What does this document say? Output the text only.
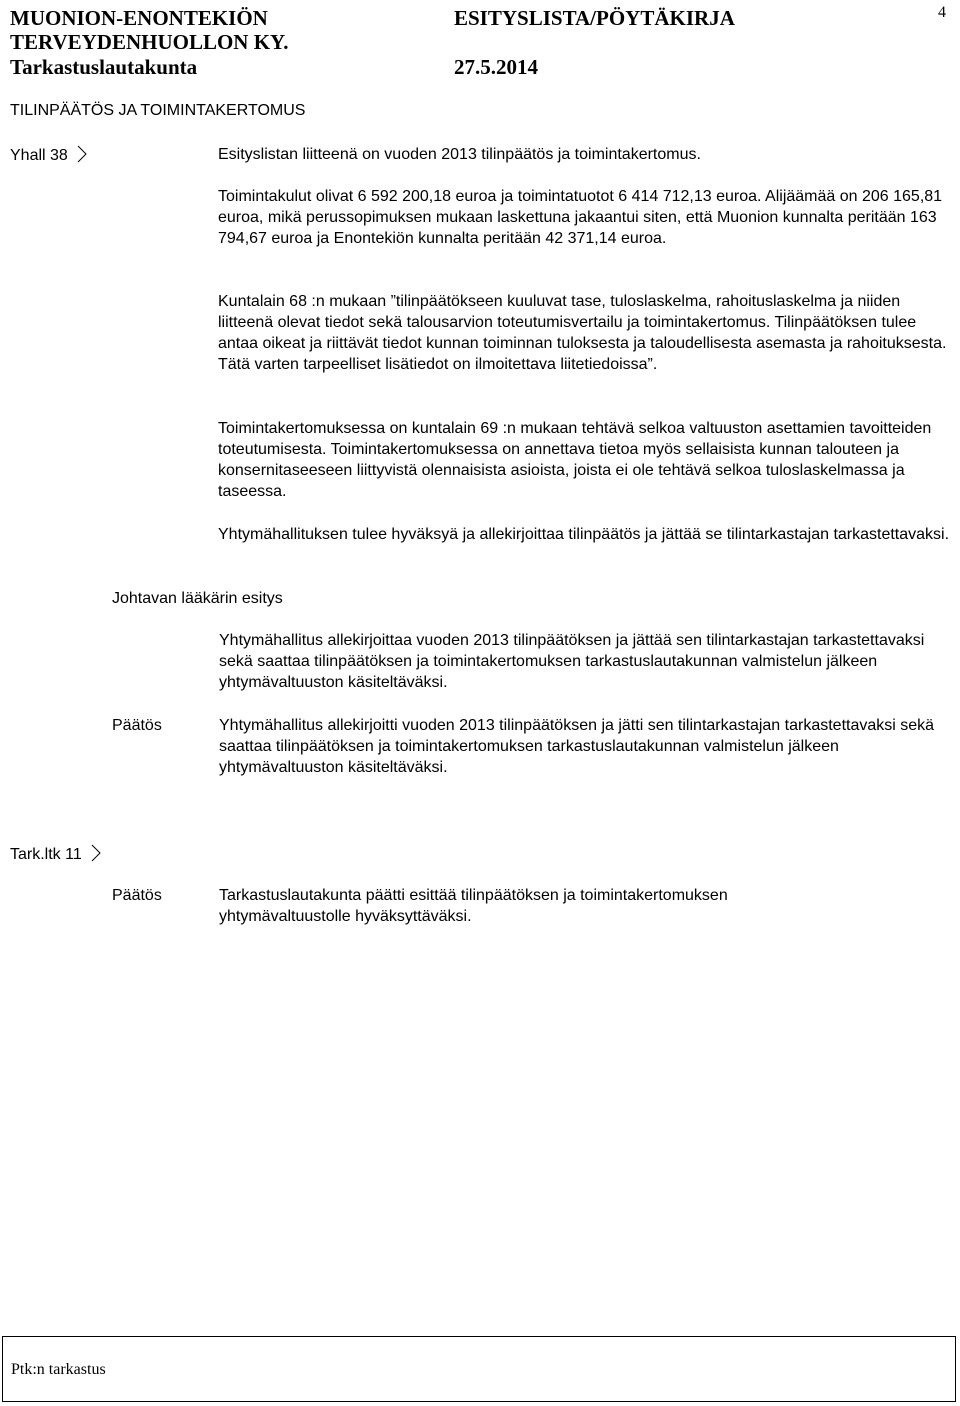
MUONION-ENONTEKIÖN
TERVEYDENHUOLLON KY.
Tarkastuslautakunta
ESITYSLISTA/PÖYTÄKIRJA
27.5.2014
4
TILINPÄÄTÖS JA TOIMINTAKERTOMUS
Yhall 38	Esityslistan liitteenä on vuoden 2013 tilinpäätös ja toimintakertomus.
Toimintakulut olivat 6 592 200,18 euroa ja toimintatuotot 6 414 712,13 euroa. Alijäämää on 206 165,81 euroa, mikä perussopimuksen mukaan laskettuna jakaantui siten, että Muonion kunnalta peritään 163 794,67 euroa ja Enontekiön kunnalta peritään 42 371,14 euroa.
Kuntalain 68 :n mukaan ”tilinpäätökseen kuuluvat tase, tuloslaskelma, rahoituslaskelma ja niiden liitteenä olevat tiedot sekä talousarvion toteutumisvertailu ja toimintakertomus. Tilinpäätöksen tulee antaa oikeat ja riittävät tiedot kunnan toiminnan tuloksesta ja taloudellisesta asemasta ja rahoituksesta. Tätä varten tarpeelliset lisätiedot on ilmoitettava liitetiedoissa”.
Toimintakertomuksessa on kuntalain 69 :n mukaan tehtävä selkoa valtuuston asettamien tavoitteiden toteutumisesta. Toimintakertomuksessa on annettava tietoa myös sellaisista kunnan talouteen ja konsernitaseeseen liittyvistä olennaisista asioista, joista ei ole tehtävä selkoa tuloslaskelmassa ja taseessa.
Yhtymähallituksen tulee hyväksyä ja allekirjoittaa tilinpäätös ja jättää se tilintarkastajan tarkastettavaksi.
Johtavan lääkärin esitys
Yhtymähallitus allekirjoittaa vuoden 2013 tilinpäätöksen ja jättää sen tilintarkastajan tarkastettavaksi sekä saattaa tilinpäätöksen ja toimintakertomuksen tarkastuslautakunnan valmistelun jälkeen yhtymävaltuuston käsiteltäväksi.
Päätös	Yhtymähallitus allekirjoitti vuoden 2013 tilinpäätöksen ja jätti sen tilintarkastajan tarkastettavaksi sekä saattaa tilinpäätöksen ja toimintakertomuksen tarkastuslautakunnan valmistelun jälkeen yhtymävaltuuston käsiteltäväksi.
Tark.ltk 11
Päätös	Tarkastuslautakunta päätti esittää tilinpäätöksen ja toimintakertomuksen yhtymävaltuustolle hyväksyttäväksi.
Ptk:n tarkastus
